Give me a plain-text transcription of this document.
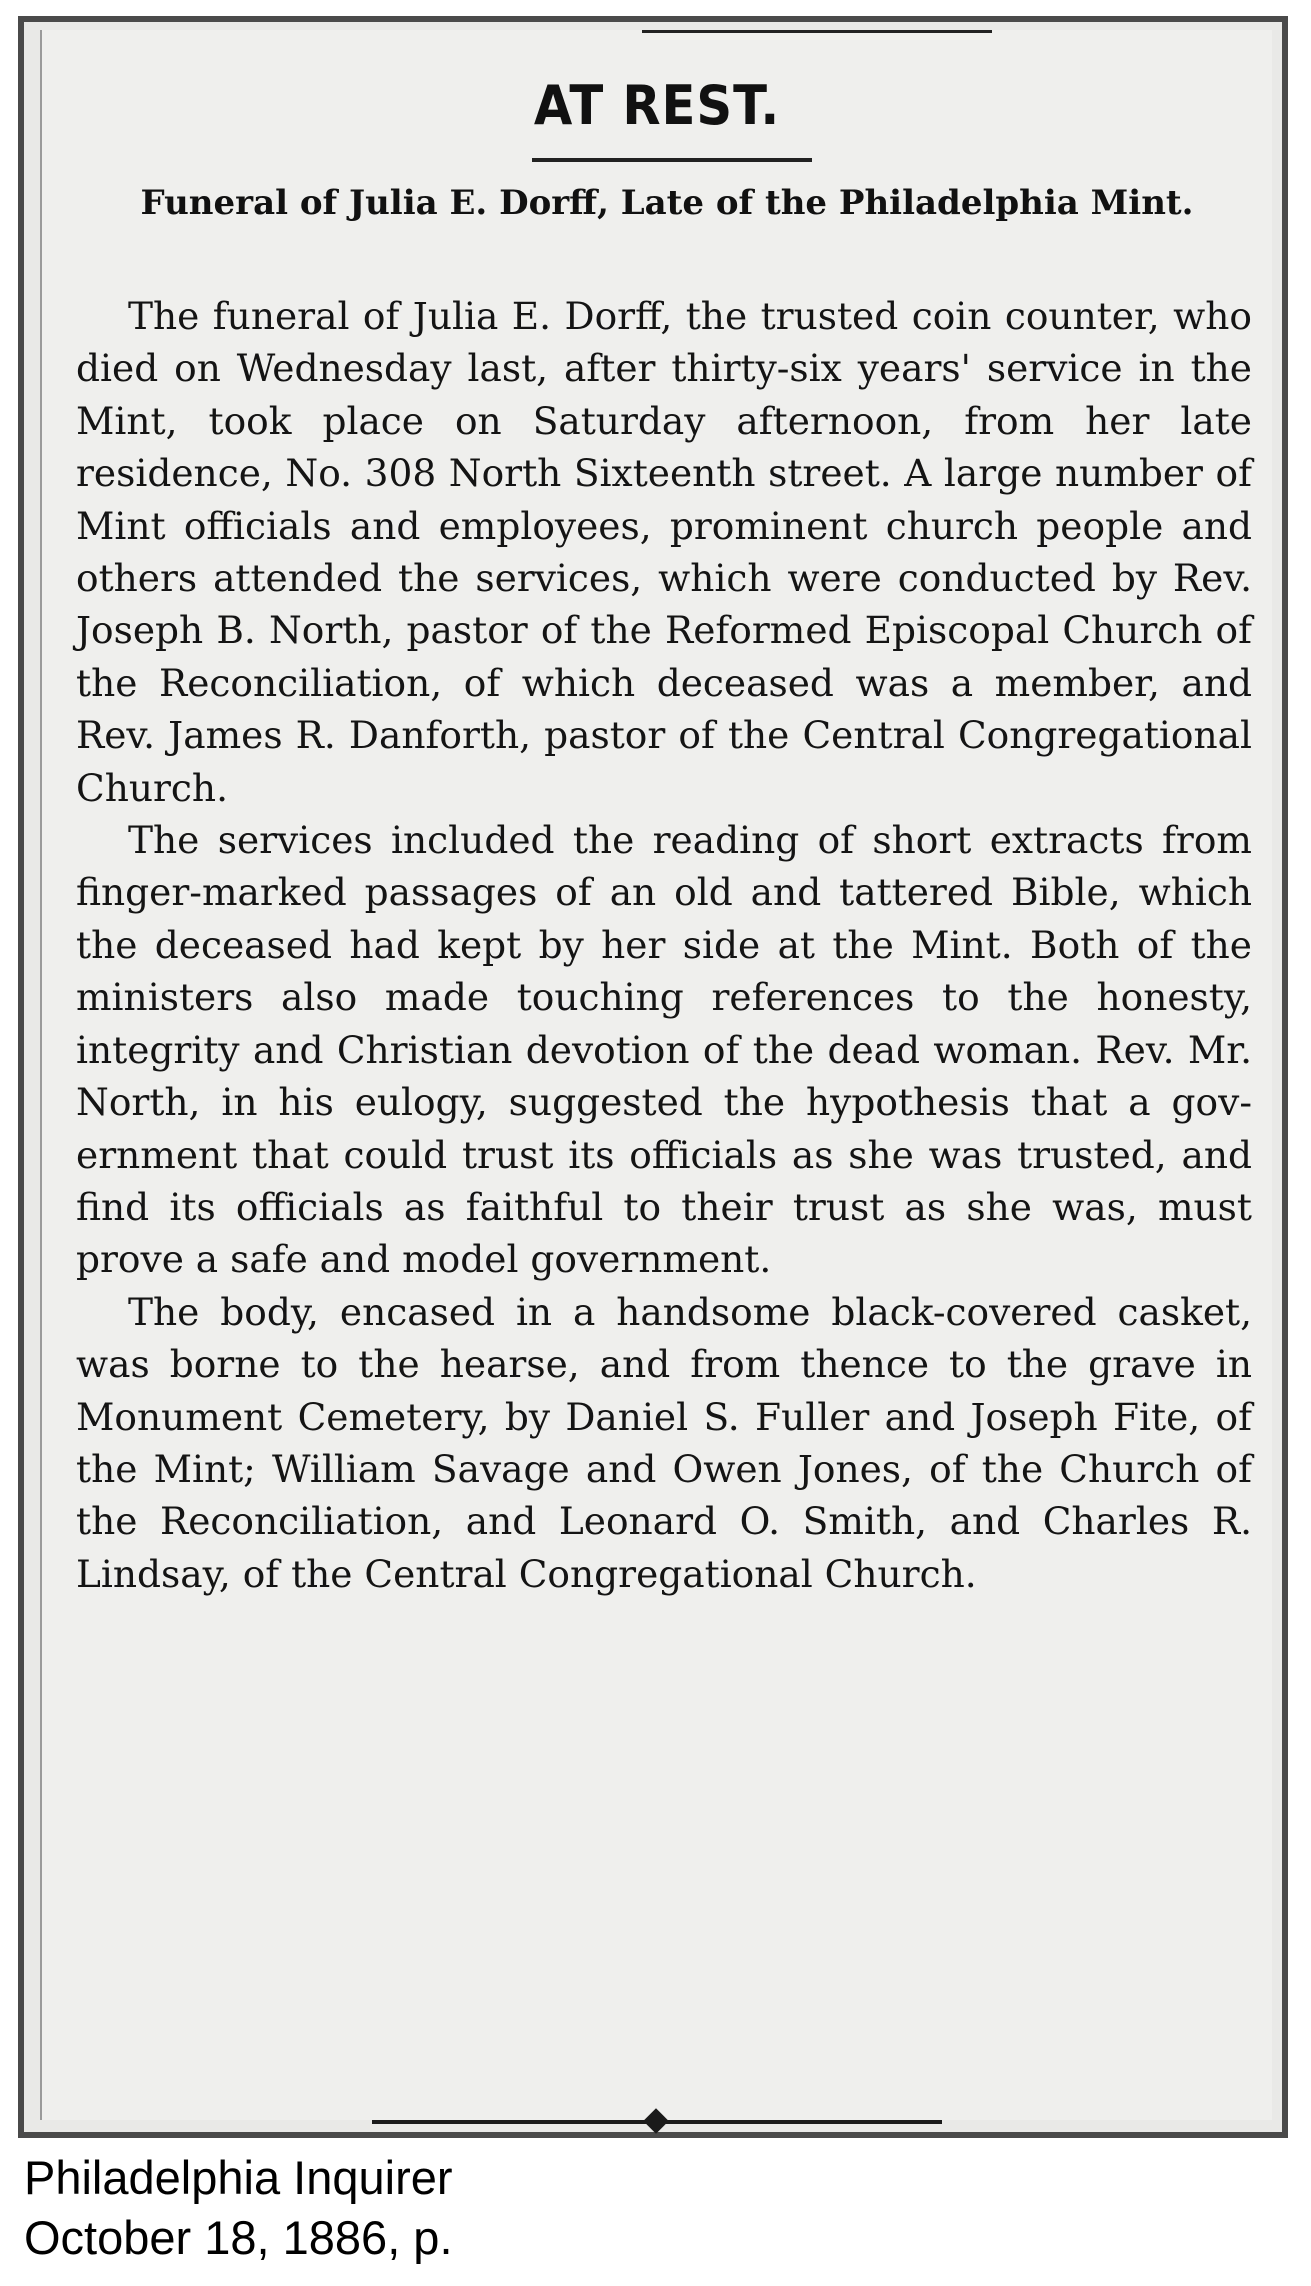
AT REST.
Funeral of Julia E. Dorff, Late of the Philadelphia Mint.

The funeral of Julia E. Dorff, the trusted coin counter, who died on Wednesday last, after thirty-six years' service in the Mint, took place on Saturday afternoon, from her late residence, No. 308 North Sixteenth street. A large number of Mint officials and employees, prominent church people and others attended the services, which were conducted by Rev. Joseph B. North, pastor of the Reformed Episcopal Church of the Reconciliation, of which deceased was a member, and Rev. James R. Danforth, pastor of the Central Congregational Church.

The services included the reading of short extracts from finger-marked passages of an old and tattered Bible, which the deceased had kept by her side at the Mint. Both of the ministers also made touching references to the honesty, integrity and Christian devotion of the dead woman. Rev. Mr. North, in his eulogy, suggested the hypothesis that a government that could trust its officials as she was trusted, and find its officials as faithful to their trust as she was, must prove a safe and model government.

The body, encased in a handsome black-covered casket, was borne to the hearse, and from thence to the grave in Monument Cemetery, by Daniel S. Fuller and Joseph Fite, of the Mint; William Savage and Owen Jones, of the Church of the Reconciliation, and Leonard O. Smith, and Charles R. Lindsay, of the Central Congregational Church.

Philadelphia Inquirer
October 18, 1886, p.
